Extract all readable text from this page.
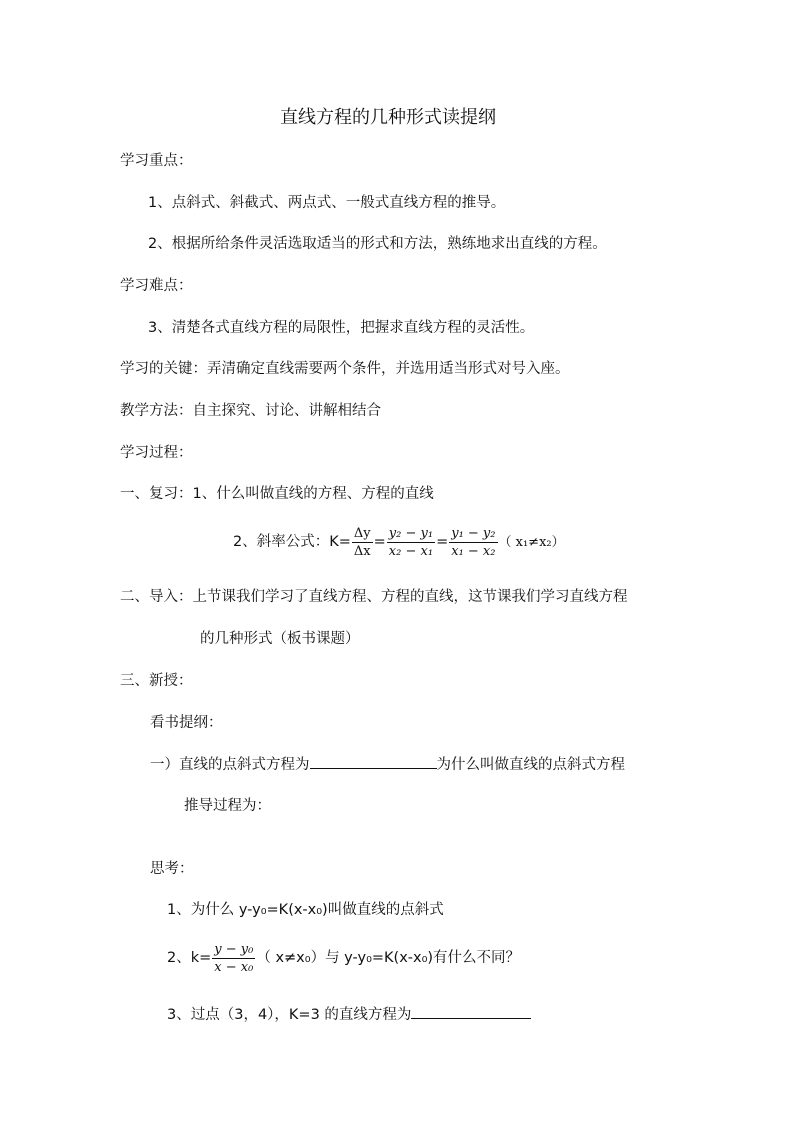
直线方程的几种形式读提纲
学习重点：
1、点斜式、斜截式、两点式、一般式直线方程的推导。
2、根据所给条件灵活选取适当的形式和方法，熟练地求出直线的方程。
学习难点：
3、清楚各式直线方程的局限性，把握求直线方程的灵活性。
学习的关键：弄清确定直线需要两个条件，并选用适当形式对号入座。
教学方法：自主探究、讨论、讲解相结合
学习过程：
一、复习：1、什么叫做直线的方程、方程的直线
2、斜率公式：$K= \frac{\Delta y}{\Delta x} = \frac{\text{y₂ − y₁}}{\text{x₂ − x₁}} = \frac{\text{y₁ − y₂}}{\text{x₁ − x₂}}$ （ x₁≠x₂）
二、导入：上节课我们学习了直线方程、方程的直线，这节课我们学习直线方程
的几种形式（板书课题）
三、新授：
看书提纲：
一）直线的点斜式方程为	为什么叫做直线的点斜式方程
推导过程为：
思考：
1、为什么 y-y₀=K(x-x₀)叫做直线的点斜式
2、$k= \frac{\text{y − y₀}}{\text{x − x₀}}$ （ x≠x₀）与 y-y₀=K(x-x₀)有什么不同？
3、过点（3，4），K=3 的直线方程为
